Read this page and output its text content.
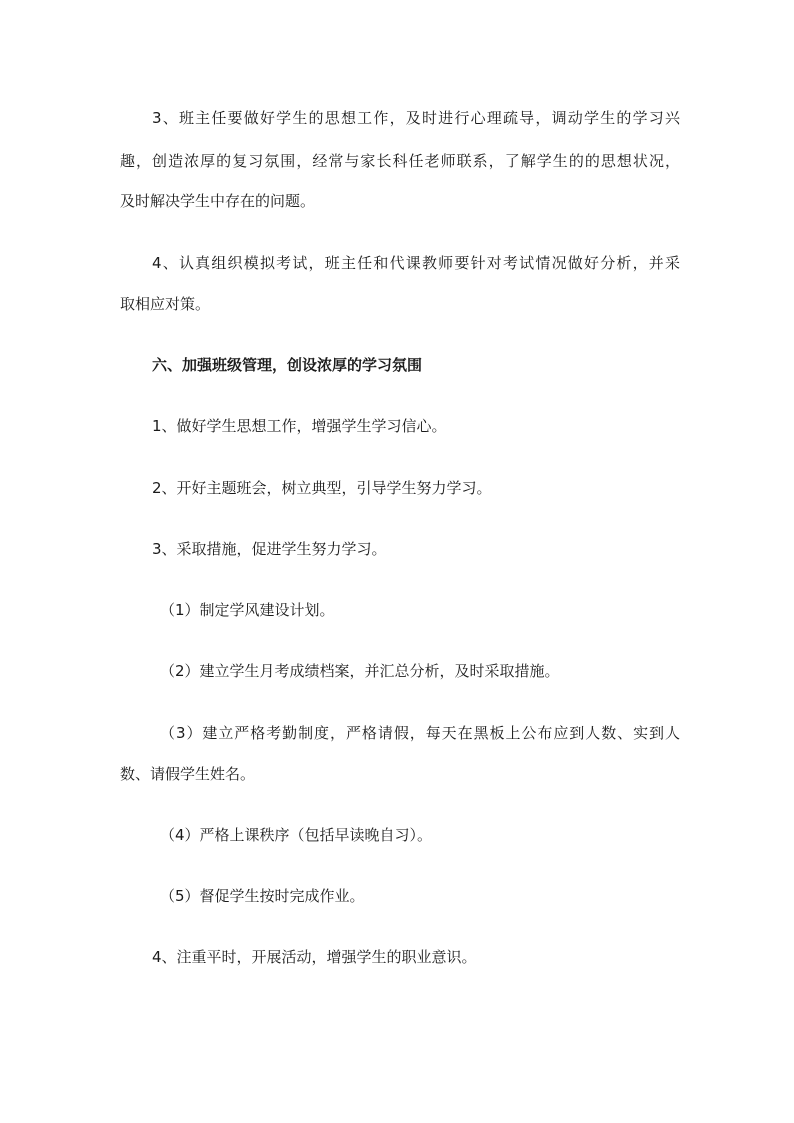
3、班主任要做好学生的思想工作，及时进行心理疏导，调动学生的学习兴
趣，创造浓厚的复习氛围，经常与家长科任老师联系，了解学生的的思想状况，
及时解决学生中存在的问题。
4、认真组织模拟考试，班主任和代课教师要针对考试情况做好分析，并采
取相应对策。
六、加强班级管理，创设浓厚的学习氛围
1、做好学生思想工作，增强学生学习信心。
2、开好主题班会，树立典型，引导学生努力学习。
3、采取措施，促进学生努力学习。
（1）制定学风建设计划。
（2）建立学生月考成绩档案，并汇总分析，及时采取措施。
（3）建立严格考勤制度，严格请假，每天在黑板上公布应到人数、实到人
数、请假学生姓名。
（4）严格上课秩序（包括早读晚自习）。
（5）督促学生按时完成作业。
4、注重平时，开展活动，增强学生的职业意识。
